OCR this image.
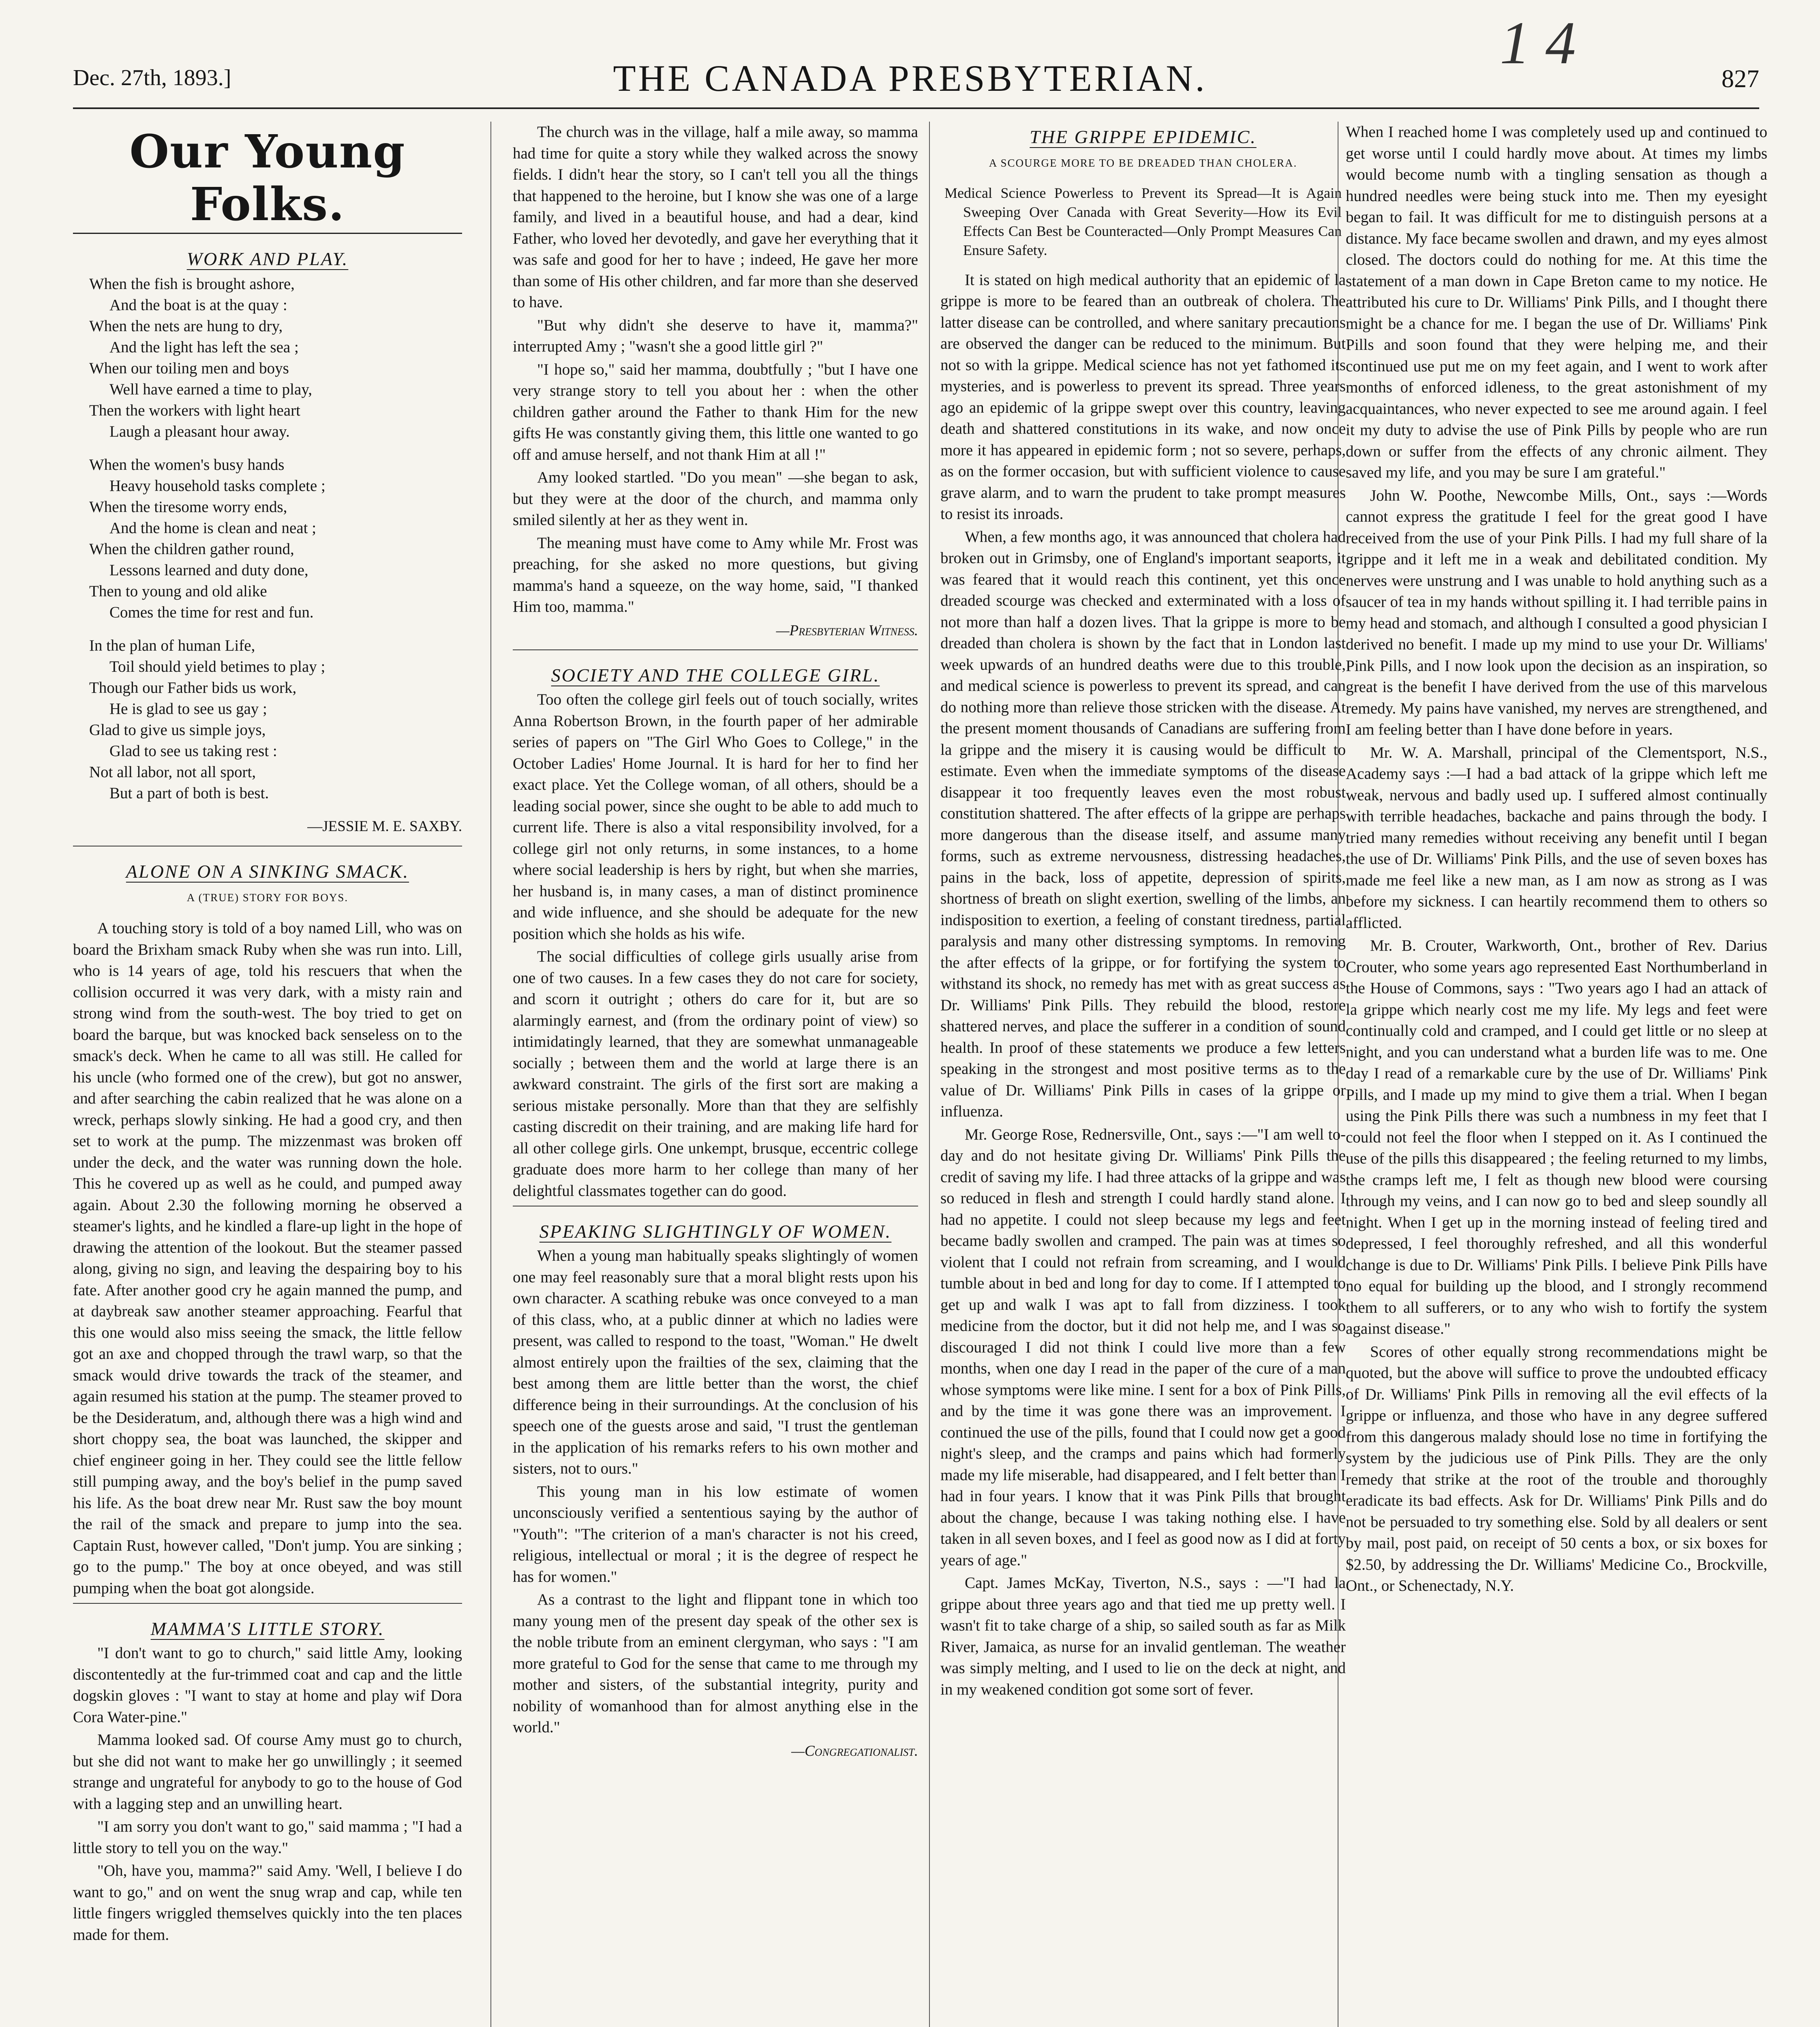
Dec. 27th, 1893.]	THE CANADA PRESBYTERIAN.	827
1 4
Our Young Folks.
WORK AND PLAY.
When the fish is brought ashore,
And the boat is at the quay :
When the nets are hung to dry,
And the light has left the sea ;
When our toiling men and boys
Well have earned a time to play,
Then the workers with light heart
Laugh a pleasant hour away.
When the women's busy hands
Heavy household tasks complete ;
When the tiresome worry ends,
And the home is clean and neat ;
When the children gather round,
Lessons learned and duty done,
Then to young and old alike
Comes the time for rest and fun.
In the plan of human Life,
Toil should yield betimes to play ;
Though our Father bids us work,
He is glad to see us gay ;
Glad to give us simple joys,
Glad to see us taking rest :
Not all labor, not all sport,
But a part of both is best.
—JESSIE M. E. SAXBY.
ALONE ON A SINKING SMACK.
A (TRUE) STORY FOR BOYS.

A touching story is told of a boy named Lill, who was on board the Brixham smack Ruby when she was run into. Lill, who is 14 years of age, told his rescuers that when the collision occurred it was very dark, with a misty rain and strong wind from the south-west. The boy tried to get on board the barque, but was knocked back senseless on to the smack's deck. When he came to all was still. He called for his uncle (who formed one of the crew), but got no answer, and after searching the cabin realized that he was alone on a wreck, perhaps slowly sinking. He had a good cry, and then set to work at the pump. The mizzenmast was broken off under the deck, and the water was running down the hole. This he covered up as well as he could, and pumped away again. About 2.30 the following morning he observed a steamer's lights, and he kindled a flare-up light in the hope of drawing the attention of the lookout. But the steamer passed along, giving no sign, and leaving the despairing boy to his fate. After another good cry he again manned the pump, and at daybreak saw another steamer approaching. Fearful that this one would also miss seeing the smack, the little fellow got an axe and chopped through the trawl warp, so that the smack would drive towards the track of the steamer, and again resumed his station at the pump. The steamer proved to be the Desideratum, and, although there was a high wind and short choppy sea, the boat was launched, the skipper and chief engineer going in her. They could see the little fellow still pumping away, and the boy's belief in the pump saved his life. As the boat drew near Mr. Rust saw the boy mount the rail of the smack and prepare to jump into the sea. Captain Rust, however called, "Don't jump. You are sinking ; go to the pump." The boy at once obeyed, and was still pumping when the boat got alongside.

MAMMA'S LITTLE STORY.

"I don't want to go to church," said little Amy, looking discontentedly at the fur-trimmed coat and cap and the little dogskin gloves : "I want to stay at home and play wif Dora Cora Water-pine."

Mamma looked sad. Of course Amy must go to church, but she did not want to make her go unwillingly ; it seemed strange and ungrateful for anybody to go to the house of God with a lagging step and an unwilling heart.

"I am sorry you don't want to go," said mamma ; "I had a little story to tell you on the way."

"Oh, have you, mamma?" said Amy. 'Well, I believe I do want to go," and on went the snug wrap and cap, while ten little fingers wriggled themselves quickly into the ten places made for them.

The church was in the village, half a mile away, so mamma had time for quite a story while they walked across the snowy fields. I didn't hear the story, so I can't tell you all the things that happened to the heroine, but I know she was one of a large family, and lived in a beautiful house, and had a dear, kind Father, who loved her devotedly, and gave her everything that it was safe and good for her to have ; indeed, He gave her more than some of His other children, and far more than she deserved to have.

"But why didn't she deserve to have it, mamma?" interrupted Amy ; "wasn't she a good little girl ?"

"I hope so," said her mamma, doubtfully ; "but I have one very strange story to tell you about her : when the other children gather around the Father to thank Him for the new gifts He was constantly giving them, this little one wanted to go off and amuse herself, and not thank Him at all !"

Amy looked startled. "Do you mean" —she began to ask, but they were at the door of the church, and mamma only smiled silently at her as they went in.

The meaning must have come to Amy while Mr. Frost was preaching, for she asked no more questions, but giving mamma's hand a squeeze, on the way home, said, "I thanked Him too, mamma."

—Presbyterian Witness.
SOCIETY AND THE COLLEGE GIRL.

Too often the college girl feels out of touch socially, writes Anna Robertson Brown, in the fourth paper of her admirable series of papers on "The Girl Who Goes to College," in the October Ladies' Home Journal. It is hard for her to find her exact place. Yet the College woman, of all others, should be a leading social power, since she ought to be able to add much to current life. There is also a vital responsibility involved, for a college girl not only returns, in some instances, to a home where social leadership is hers by right, but when she marries, her husband is, in many cases, a man of distinct prominence and wide influence, and she should be adequate for the new position which she holds as his wife.

The social difficulties of college girls usually arise from one of two causes. In a few cases they do not care for society, and scorn it outright ; others do care for it, but are so alarmingly earnest, and (from the ordinary point of view) so intimidatingly learned, that they are somewhat unmanageable socially ; between them and the world at large there is an awkward constraint. The girls of the first sort are making a serious mistake personally. More than that they are selfishly casting discredit on their training, and are making life hard for all other college girls. One unkempt, brusque, eccentric college graduate does more harm to her college than many of her delightful classmates together can do good.

SPEAKING SLIGHTINGLY OF WOMEN.

When a young man habitually speaks slightingly of women one may feel reasonably sure that a moral blight rests upon his own character. A scathing rebuke was once conveyed to a man of this class, who, at a public dinner at which no ladies were present, was called to respond to the toast, "Woman." He dwelt almost entirely upon the frailties of the sex, claiming that the best among them are little better than the worst, the chief difference being in their surroundings. At the conclusion of his speech one of the guests arose and said, "I trust the gentleman in the application of his remarks refers to his own mother and sisters, not to ours."

This young man in his low estimate of women unconsciously verified a sententious saying by the author of "Youth": "The criterion of a man's character is not his creed, religious, intellectual or moral ; it is the degree of respect he has for women."

As a contrast to the light and flippant tone in which too many young men of the present day speak of the other sex is the noble tribute from an eminent clergyman, who says : "I am more grateful to God for the sense that came to me through my mother and sisters, of the substantial integrity, purity and nobility of womanhood than for almost anything else in the world."

—Congregationalist.
THE GRIPPE EPIDEMIC.
A SCOURGE MORE TO BE DREADED THAN CHOLERA.
Medical Science Powerless to Prevent its Spread—It is Again Sweeping Over Canada with Great Severity—How its Evil Effects Can Best be Counteracted—Only Prompt Measures Can Ensure Safety.

It is stated on high medical authority that an epidemic of la grippe is more to be feared than an outbreak of cholera. The latter disease can be controlled, and where sanitary precautions are observed the danger can be reduced to the minimum. But not so with la grippe. Medical science has not yet fathomed its mysteries, and is powerless to prevent its spread. Three years ago an epidemic of la grippe swept over this country, leaving death and shattered constitutions in its wake, and now once more it has appeared in epidemic form ; not so severe, perhaps, as on the former occasion, but with sufficient violence to cause grave alarm, and to warn the prudent to take prompt measures to resist its inroads.

When, a few months ago, it was announced that cholera had broken out in Grimsby, one of England's important seaports, it was feared that it would reach this continent, yet this once dreaded scourge was checked and exterminated with a loss of not more than half a dozen lives. That la grippe is more to be dreaded than cholera is shown by the fact that in London last week upwards of an hundred deaths were due to this trouble, and medical science is powerless to prevent its spread, and can do nothing more than relieve those stricken with the disease. At the present moment thousands of Canadians are suffering from la grippe and the misery it is causing would be difficult to estimate. Even when the immediate symptoms of the disease disappear it too frequently leaves even the most robust constitution shattered. The after effects of la grippe are perhaps more dangerous than the disease itself, and assume many forms, such as extreme nervousness, distressing headaches, pains in the back, loss of appetite, depression of spirits, shortness of breath on slight exertion, swelling of the limbs, an indisposition to exertion, a feeling of constant tiredness, partial paralysis and many other distressing symptoms. In removing the after effects of la grippe, or for fortifying the system to withstand its shock, no remedy has met with as great success as Dr. Williams' Pink Pills. They rebuild the blood, restore shattered nerves, and place the sufferer in a condition of sound health. In proof of these statements we produce a few letters speaking in the strongest and most positive terms as to the value of Dr. Williams' Pink Pills in cases of la grippe or influenza.

Mr. George Rose, Rednersville, Ont., says :—"I am well to-day and do not hesitate giving Dr. Williams' Pink Pills the credit of saving my life. I had three attacks of la grippe and was so reduced in flesh and strength I could hardly stand alone. I had no appetite. I could not sleep because my legs and feet became badly swollen and cramped. The pain was at times so violent that I could not refrain from screaming, and I would tumble about in bed and long for day to come. If I attempted to get up and walk I was apt to fall from dizziness. I took medicine from the doctor, but it did not help me, and I was so discouraged I did not think I could live more than a few months, when one day I read in the paper of the cure of a man whose symptoms were like mine. I sent for a box of Pink Pills, and by the time it was gone there was an improvement. I continued the use of the pills, found that I could now get a good night's sleep, and the cramps and pains which had formerly made my life miserable, had disappeared, and I felt better than I had in four years. I know that it was Pink Pills that brought about the change, because I was taking nothing else. I have taken in all seven boxes, and I feel as good now as I did at forty years of age."

Capt. James McKay, Tiverton, N.S., says : —"I had la grippe about three years ago and that tied me up pretty well. I wasn't fit to take charge of a ship, so sailed south as far as Milk River, Jamaica, as nurse for an invalid gentleman. The weather was simply melting, and I used to lie on the deck at night, and in my weakened condition got some sort of fever.

When I reached home I was completely used up and continued to get worse until I could hardly move about. At times my limbs would become numb with a tingling sensation as though a hundred needles were being stuck into me. Then my eyesight began to fail. It was difficult for me to distinguish persons at a distance. My face became swollen and drawn, and my eyes almost closed. The doctors could do nothing for me. At this time the statement of a man down in Cape Breton came to my notice. He attributed his cure to Dr. Williams' Pink Pills, and I thought there might be a chance for me. I began the use of Dr. Williams' Pink Pills and soon found that they were helping me, and their continued use put me on my feet again, and I went to work after months of enforced idleness, to the great astonishment of my acquaintances, who never expected to see me around again. I feel it my duty to advise the use of Pink Pills by people who are run down or suffer from the effects of any chronic ailment. They saved my life, and you may be sure I am grateful."

John W. Poothe, Newcombe Mills, Ont., says :—Words cannot express the gratitude I feel for the great good I have received from the use of your Pink Pills. I had my full share of la grippe and it left me in a weak and debilitated condition. My nerves were unstrung and I was unable to hold anything such as a saucer of tea in my hands without spilling it. I had terrible pains in my head and stomach, and although I consulted a good physician I derived no benefit. I made up my mind to use your Dr. Williams' Pink Pills, and I now look upon the decision as an inspiration, so great is the benefit I have derived from the use of this marvelous remedy. My pains have vanished, my nerves are strengthened, and I am feeling better than I have done before in years.

Mr. W. A. Marshall, principal of the Clementsport, N.S., Academy says :—I had a bad attack of la grippe which left me weak, nervous and badly used up. I suffered almost continually with terrible headaches, backache and pains through the body. I tried many remedies without receiving any benefit until I began the use of Dr. Williams' Pink Pills, and the use of seven boxes has made me feel like a new man, as I am now as strong as I was before my sickness. I can heartily recommend them to others so afflicted.

Mr. B. Crouter, Warkworth, Ont., brother of Rev. Darius Crouter, who some years ago represented East Northumberland in the House of Commons, says : "Two years ago I had an attack of la grippe which nearly cost me my life. My legs and feet were continually cold and cramped, and I could get little or no sleep at night, and you can understand what a burden life was to me. One day I read of a remarkable cure by the use of Dr. Williams' Pink Pills, and I made up my mind to give them a trial. When I began using the Pink Pills there was such a numbness in my feet that I could not feel the floor when I stepped on it. As I continued the use of the pills this disappeared ; the feeling returned to my limbs, the cramps left me, I felt as though new blood were coursing through my veins, and I can now go to bed and sleep soundly all night. When I get up in the morning instead of feeling tired and depressed, I feel thoroughly refreshed, and all this wonderful change is due to Dr. Williams' Pink Pills. I believe Pink Pills have no equal for building up the blood, and I strongly recommend them to all sufferers, or to any who wish to fortify the system against disease."

Scores of other equally strong recommendations might be quoted, but the above will suffice to prove the undoubted efficacy of Dr. Williams' Pink Pills in removing all the evil effects of la grippe or influenza, and those who have in any degree suffered from this dangerous malady should lose no time in fortifying the system by the judicious use of Pink Pills. They are the only remedy that strike at the root of the trouble and thoroughly eradicate its bad effects. Ask for Dr. Williams' Pink Pills and do not be persuaded to try something else. Sold by all dealers or sent by mail, post paid, on receipt of 50 cents a box, or six boxes for $2.50, by addressing the Dr. Williams' Medicine Co., Brockville, Ont., or Schenectady, N.Y.
